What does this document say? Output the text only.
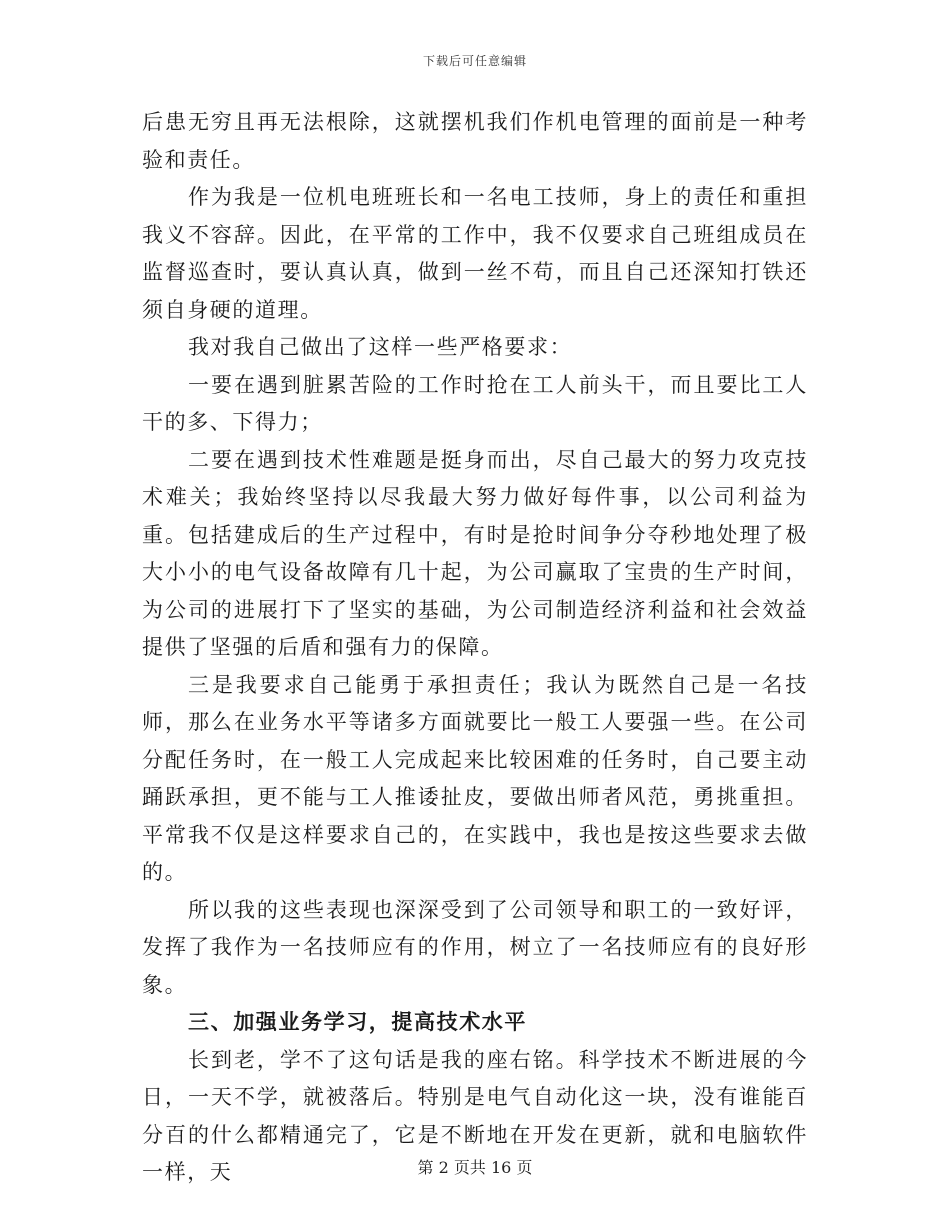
下载后可任意编辑

后患无穷且再无法根除，这就摆机我们作机电管理的面前是一种考验和责任。

作为我是一位机电班班长和一名电工技师，身上的责任和重担我义不容辞。因此，在平常的工作中，我不仅要求自己班组成员在监督巡查时，要认真认真，做到一丝不苟，而且自己还深知打铁还须自身硬的道理。

我对我自己做出了这样一些严格要求：

一要在遇到脏累苦险的工作时抢在工人前头干，而且要比工人干的多、下得力；

二要在遇到技术性难题是挺身而出，尽自己最大的努力攻克技术难关；我始终坚持以尽我最大努力做好每件事，以公司利益为重。包括建成后的生产过程中，有时是抢时间争分夺秒地处理了极大小小的电气设备故障有几十起，为公司赢取了宝贵的生产时间，为公司的进展打下了坚实的基础，为公司制造经济利益和社会效益提供了坚强的后盾和强有力的保障。

三是我要求自己能勇于承担责任；我认为既然自己是一名技师，那么在业务水平等诸多方面就要比一般工人要强一些。在公司分配任务时，在一般工人完成起来比较困难的任务时，自己要主动踊跃承担，更不能与工人推诿扯皮，要做出师者风范，勇挑重担。平常我不仅是这样要求自己的，在实践中，我也是按这些要求去做的。

所以我的这些表现也深深受到了公司领导和职工的一致好评，发挥了我作为一名技师应有的作用，树立了一名技师应有的良好形象。

三、加强业务学习，提高技术水平

长到老，学不了这句话是我的座右铭。科学技术不断进展的今日，一天不学，就被落后。特别是电气自动化这一块，没有谁能百分百的什么都精通完了，它是不断地在开发在更新，就和电脑软件一样，天	第 2 页共 16 页
